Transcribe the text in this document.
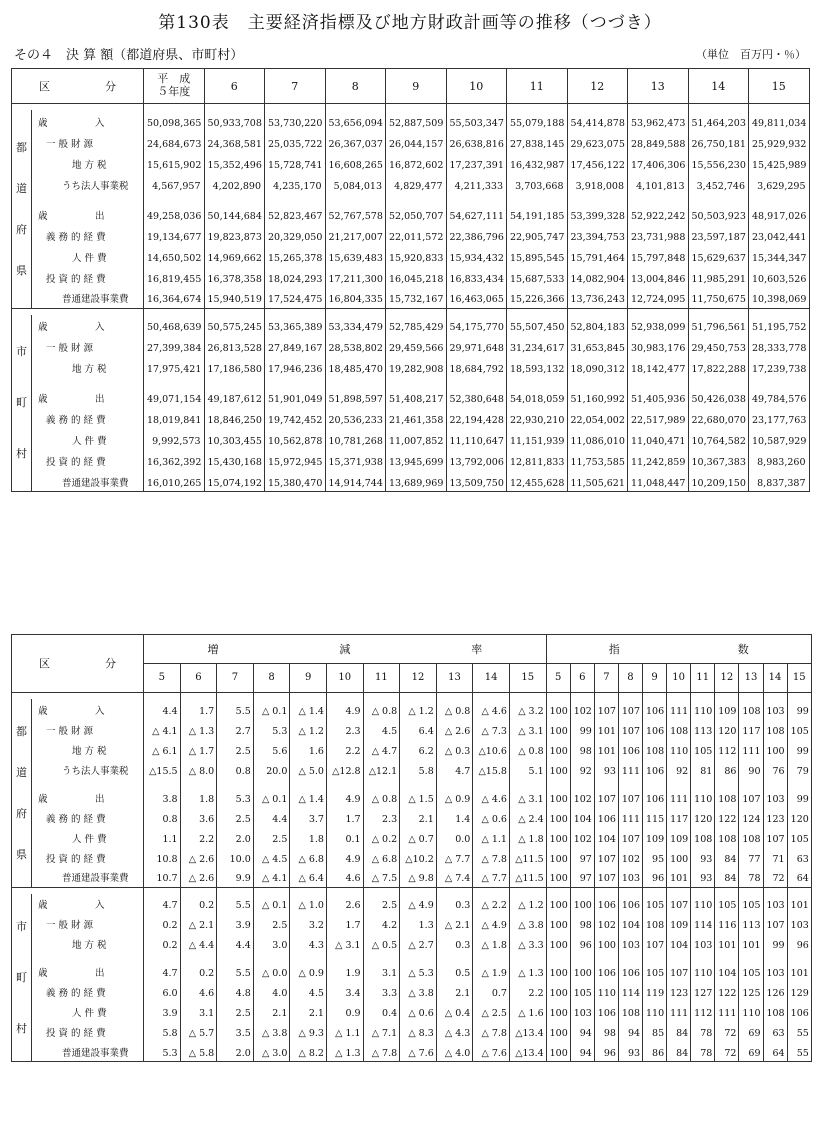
第130表　主要経済指標及び地方財政計画等の推移（つづき）
その４　決 算 額（都道府県、市町村）	（単位　百万円・％）
区　　　　　分		平　成
５年度	6	7	8	9	10	11	12	13	14	15

都
道
府
県	歳　　　　　入	50,098,365	50,933,708	53,730,220	53,656,094	52,887,509	55,503,347	55,079,188	54,414,878	53,962,473	51,464,203	49,811,034
	一 般 財 源	24,684,673	24,368,581	25,035,722	26,367,037	26,044,157	26,638,816	27,838,145	29,623,075	28,849,588	26,750,181	25,929,932
	地 方 税	15,615,902	15,352,496	15,728,741	16,608,265	16,872,602	17,237,391	16,432,987	17,456,122	17,406,306	15,556,230	15,425,989
	うち法人事業税	4,567,957	4,202,890	4,235,170	5,084,013	4,829,477	4,211,333	3,703,668	3,918,008	4,101,813	3,452,746	3,629,295
	歳　　　　　出	49,258,036	50,144,684	52,823,467	52,767,578	52,050,707	54,627,111	54,191,185	53,399,328	52,922,242	50,503,923	48,917,026
	義 務 的 経 費	19,134,677	19,823,873	20,329,050	21,217,007	22,011,572	22,386,796	22,905,747	23,394,753	23,731,988	23,597,187	23,042,441
	人 件 費	14,650,502	14,969,662	15,265,378	15,639,483	15,920,833	15,934,432	15,895,545	15,791,464	15,797,848	15,629,637	15,344,347
	投 資 的 経 費	16,819,455	16,378,358	18,024,293	17,211,300	16,045,218	16,833,434	15,687,533	14,082,904	13,004,846	11,985,291	10,603,526
	普通建設事業費	16,364,674	15,940,519	17,524,475	16,804,335	15,732,167	16,463,065	15,226,366	13,736,243	12,724,095	11,750,675	10,398,069

市
町
村	歳　　　　　入	50,468,639	50,575,245	53,365,389	53,334,479	52,785,429	54,175,770	55,507,450	52,804,183	52,938,099	51,796,561	51,195,752
	一 般 財 源	27,399,384	26,813,528	27,849,167	28,538,802	29,459,566	29,971,648	31,234,617	31,653,845	30,983,176	29,450,753	28,333,778
	地 方 税	17,975,421	17,186,580	17,946,236	18,485,470	19,282,908	18,684,792	18,593,132	18,090,312	18,142,477	17,822,288	17,239,738
	歳　　　　　出	49,071,154	49,187,612	51,901,049	51,898,597	51,408,217	52,380,648	54,018,059	51,160,992	51,405,936	50,426,038	49,784,576
	義 務 的 経 費	18,019,841	18,846,250	19,742,452	20,536,233	21,461,358	22,194,428	22,930,210	22,054,002	22,517,989	22,680,070	23,177,763
	人 件 費	9,992,573	10,303,455	10,562,878	10,781,268	11,007,852	11,110,647	11,151,939	11,086,010	11,040,471	10,764,582	10,587,929
	投 資 的 経 費	16,362,392	15,430,168	15,972,945	15,371,938	13,945,699	13,792,006	12,811,833	11,753,585	11,242,859	10,367,383	8,983,260
	普通建設事業費	16,010,265	15,074,192	15,380,470	14,914,744	13,689,969	13,509,750	12,455,628	11,505,621	11,048,447	10,209,150	8,837,387
区　　　　　分		増 減 率											指 数										

		5	6	7	8	9	10	11	12	13	14	15	5	6	7	8	9	10	11	12	13	14	15

都
道
府
県	歳　　　　　入	4.4	1.7	5.5	△ 0.1	△ 1.4	4.9	△ 0.8	△ 1.2	△ 0.8	△ 4.6	△ 3.2	100	102	107	107	106	111	110	109	108	103	99
	一 般 財 源	△ 4.1	△ 1.3	2.7	5.3	△ 1.2	2.3	4.5	6.4	△ 2.6	△ 7.3	△ 3.1	100	99	101	107	106	108	113	120	117	108	105
	地 方 税	△ 6.1	△ 1.7	2.5	5.6	1.6	2.2	△ 4.7	6.2	△ 0.3	△10.6	△ 0.8	100	98	101	106	108	110	105	112	111	100	99
	うち法人事業税	△15.5	△ 8.0	0.8	20.0	△ 5.0	△12.8	△12.1	5.8	4.7	△15.8	5.1	100	92	93	111	106	92	81	86	90	76	79
	歳　　　　　出	3.8	1.8	5.3	△ 0.1	△ 1.4	4.9	△ 0.8	△ 1.5	△ 0.9	△ 4.6	△ 3.1	100	102	107	107	106	111	110	108	107	103	99
	義 務 的 経 費	0.8	3.6	2.5	4.4	3.7	1.7	2.3	2.1	1.4	△ 0.6	△ 2.4	100	104	106	111	115	117	120	122	124	123	120
	人 件 費	1.1	2.2	2.0	2.5	1.8	0.1	△ 0.2	△ 0.7	0.0	△ 1.1	△ 1.8	100	102	104	107	109	109	108	108	108	107	105
	投 資 的 経 費	10.8	△ 2.6	10.0	△ 4.5	△ 6.8	4.9	△ 6.8	△10.2	△ 7.7	△ 7.8	△11.5	100	97	107	102	95	100	93	84	77	71	63
	普通建設事業費	10.7	△ 2.6	9.9	△ 4.1	△ 6.4	4.6	△ 7.5	△ 9.8	△ 7.4	△ 7.7	△11.5	100	97	107	103	96	101	93	84	78	72	64

市
町
村	歳　　　　　入	4.7	0.2	5.5	△ 0.1	△ 1.0	2.6	2.5	△ 4.9	0.3	△ 2.2	△ 1.2	100	100	106	106	105	107	110	105	105	103	101
	一 般 財 源	0.2	△ 2.1	3.9	2.5	3.2	1.7	4.2	1.3	△ 2.1	△ 4.9	△ 3.8	100	98	102	104	108	109	114	116	113	107	103
	地 方 税	0.2	△ 4.4	4.4	3.0	4.3	△ 3.1	△ 0.5	△ 2.7	0.3	△ 1.8	△ 3.3	100	96	100	103	107	104	103	101	101	99	96
	歳　　　　　出	4.7	0.2	5.5	△ 0.0	△ 0.9	1.9	3.1	△ 5.3	0.5	△ 1.9	△ 1.3	100	100	106	106	105	107	110	104	105	103	101
	義 務 的 経 費	6.0	4.6	4.8	4.0	4.5	3.4	3.3	△ 3.8	2.1	0.7	2.2	100	105	110	114	119	123	127	122	125	126	129
	人 件 費	3.9	3.1	2.5	2.1	2.1	0.9	0.4	△ 0.6	△ 0.4	△ 2.5	△ 1.6	100	103	106	108	110	111	112	111	110	108	106
	投 資 的 経 費	5.8	△ 5.7	3.5	△ 3.8	△ 9.3	△ 1.1	△ 7.1	△ 8.3	△ 4.3	△ 7.8	△13.4	100	94	98	94	85	84	78	72	69	63	55
	普通建設事業費	5.3	△ 5.8	2.0	△ 3.0	△ 8.2	△ 1.3	△ 7.8	△ 7.6	△ 4.0	△ 7.6	△13.4	100	94	96	93	86	84	78	72	69	64	55
